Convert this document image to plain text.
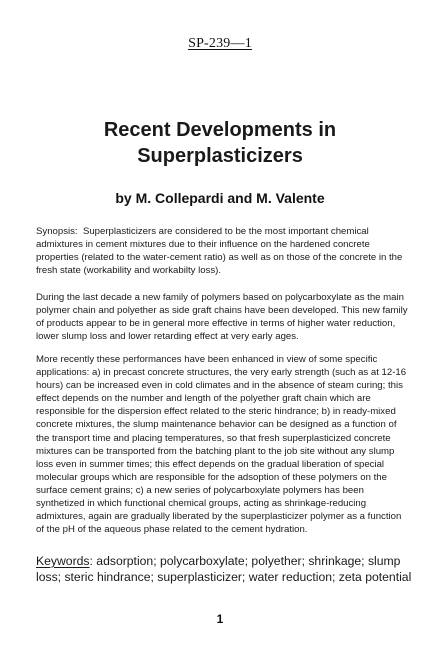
SP-239—1
Recent Developments in
Superplasticizers

by M. Collepardi and M. Valente

Synopsis: Superplasticizers are considered to be the most important chemical admixtures in cement mixtures due to their influence on the hardened concrete properties (related to the water-cement ratio) as well as on those of the concrete in the fresh state (workability and workabilty loss).

During the last decade a new family of polymers based on polycarboxylate as the main polymer chain and polyether as side graft chains have been developed. This new family of products appear to be in general more effective in terms of higher water reduction, lower slump loss and lower retarding effect at very early ages.

More recently these performances have been enhanced in view of some specific applications: a) in precast concrete structures, the very early strength (such as at 12-16 hours) can be increased even in cold climates and in the absence of steam curing; this effect depends on the number and length of the polyether graft chain which are responsible for the dispersion effect related to the steric hindrance; b) in ready-mixed concrete mixtures, the slump maintenance behavior can be designed as a function of the transport time and placing temperatures, so that fresh superplasticized concrete mixtures can be transported from the batching plant to the job site without any slump loss even in summer times; this effect depends on the gradual liberation of special molecular groups which are responsible for the adsoption of these polymers on the surface cement grains; c) a new series of polycarboxylate polymers has been synthetized in which functional chemical groups, acting as shrinkage-reducing admixtures, again are gradually liberated by the superplasticizer polymer as a function of the pH of the aqueous phase related to the cement hydration.

Keywords: adsorption; polycarboxylate; polyether; shrinkage; slump loss; steric hindrance; superplasticizer; water reduction; zeta potential

1
